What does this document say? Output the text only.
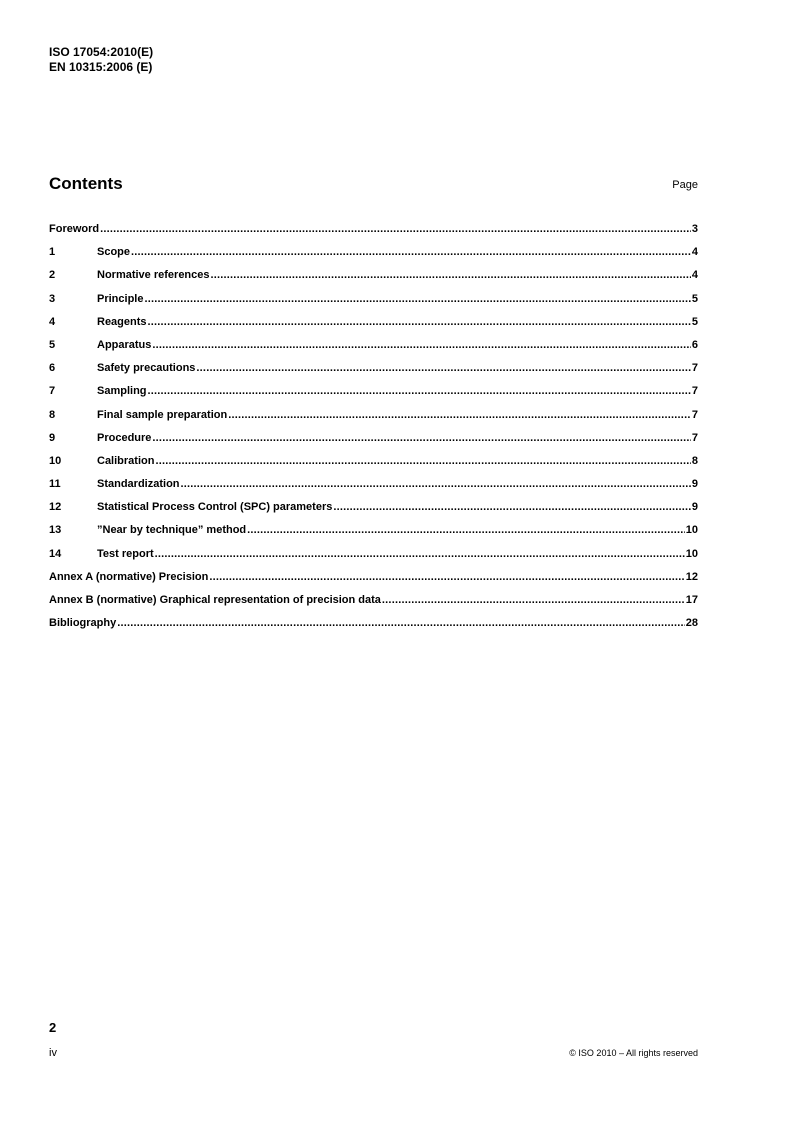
ISO 17054:2010(E)
EN 10315:2006 (E)
Contents	Page
Foreword .....	3
1	Scope .....	4
2	Normative references .....	4
3	Principle .....	5
4	Reagents .....	5
5	Apparatus .....	6
6	Safety precautions .....	7
7	Sampling .....	7
8	Final sample preparation .....	7
9	Procedure .....	7
10	Calibration .....	8
11	Standardization .....	9
12	Statistical Process Control (SPC) parameters .....	9
13	”Near by technique” method .....	10
14	Test report .....	10
Annex A (normative) Precision .....	12
Annex B (normative) Graphical representation of precision data .....	17
Bibliography .....	28
2
iv	© ISO 2010 – All rights reserved
